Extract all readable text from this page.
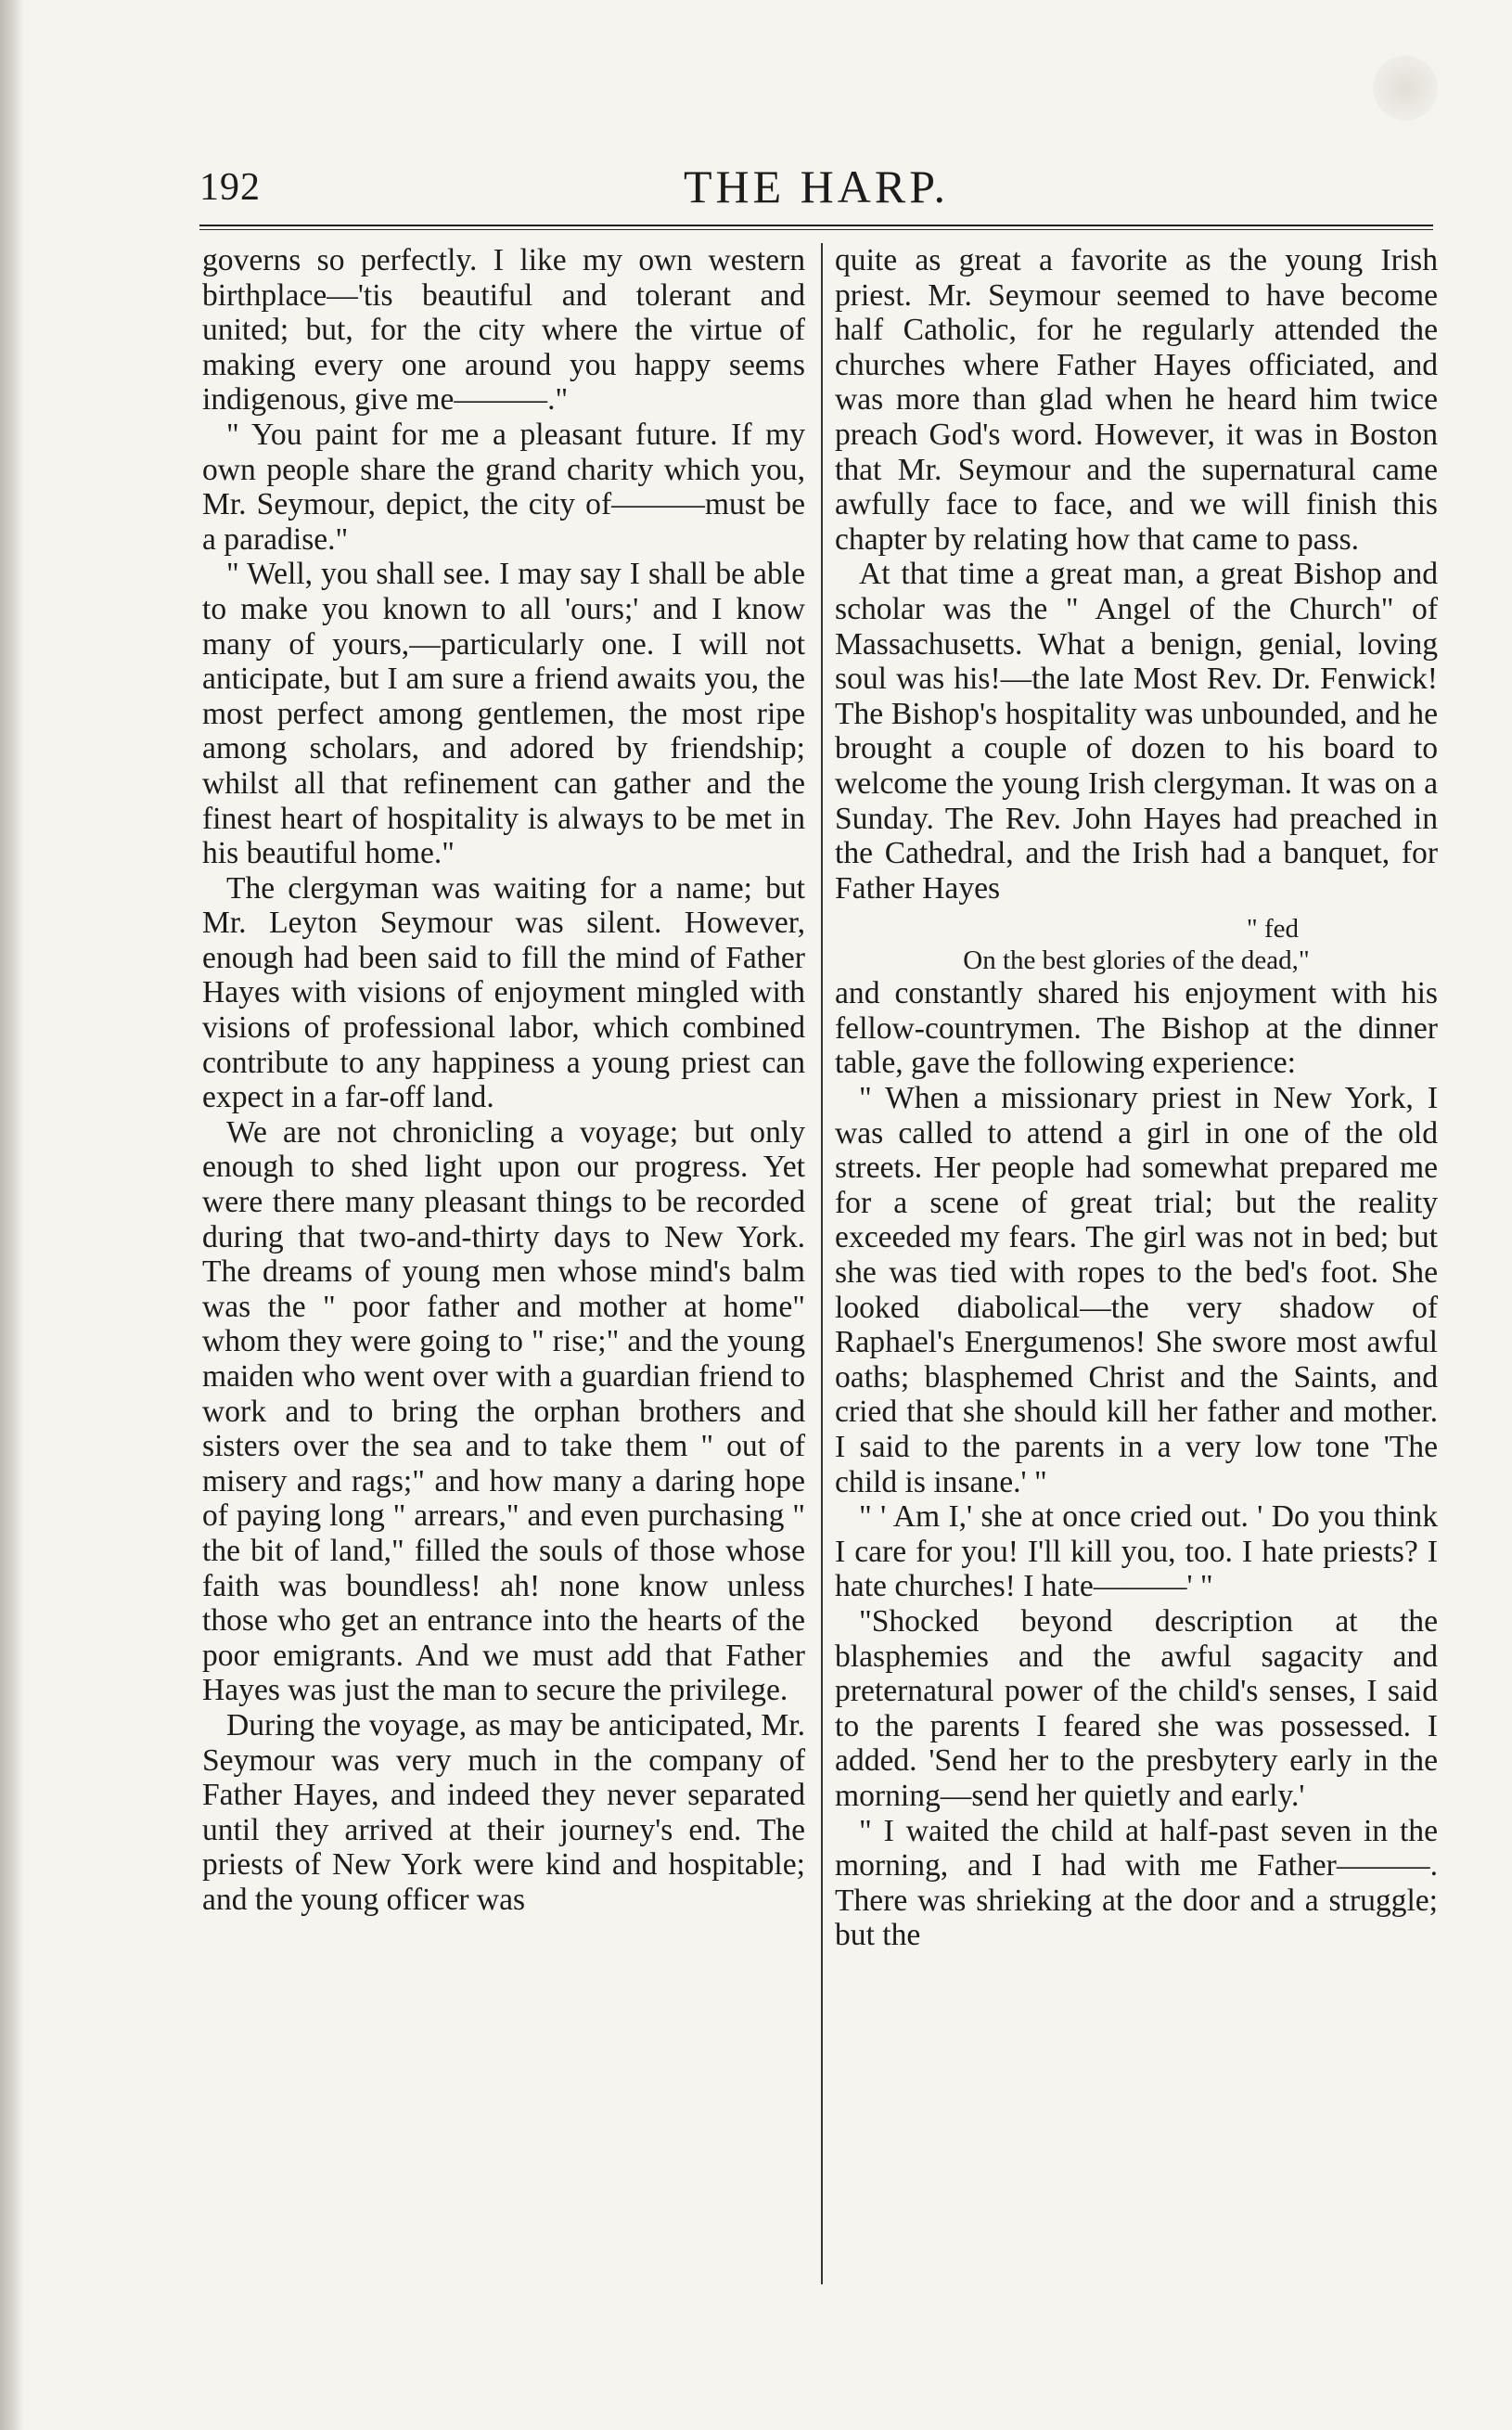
192	THE HARP.

governs so perfectly. I like my own western birthplace—'tis beautiful and tolerant and united; but, for the city where the virtue of making every one around you happy seems indigenous, give me———."

" You paint for me a pleasant future. If my own people share the grand charity which you, Mr. Seymour, depict, the city of———must be a paradise."

" Well, you shall see. I may say I shall be able to make you known to all 'ours;' and I know many of yours,—particularly one. I will not anticipate, but I am sure a friend awaits you, the most perfect among gentlemen, the most ripe among scholars, and adored by friendship; whilst all that refinement can gather and the finest heart of hospitality is always to be met in his beautiful home."

The clergyman was waiting for a name; but Mr. Leyton Seymour was silent. However, enough had been said to fill the mind of Father Hayes with visions of enjoyment mingled with visions of professional labor, which combined contribute to any happiness a young priest can expect in a far-off land.

We are not chronicling a voyage; but only enough to shed light upon our progress. Yet were there many pleasant things to be recorded during that two-and-thirty days to New York. The dreams of young men whose mind's balm was the " poor father and mother at home" whom they were going to " rise;" and the young maiden who went over with a guardian friend to work and to bring the orphan brothers and sisters over the sea and to take them " out of misery and rags;" and how many a daring hope of paying long " arrears," and even purchasing " the bit of land," filled the souls of those whose faith was boundless! ah! none know unless those who get an entrance into the hearts of the poor emigrants. And we must add that Father Hayes was just the man to secure the privilege.

During the voyage, as may be anticipated, Mr. Seymour was very much in the company of Father Hayes, and indeed they never separated until they arrived at their journey's end. The priests of New York were kind and hospitable; and the young officer was

quite as great a favorite as the young Irish priest. Mr. Seymour seemed to have become half Catholic, for he regularly attended the churches where Father Hayes officiated, and was more than glad when he heard him twice preach God's word. However, it was in Boston that Mr. Seymour and the supernatural came awfully face to face, and we will finish this chapter by relating how that came to pass.

At that time a great man, a great Bishop and scholar was the " Angel of the Church" of Massachusetts. What a benign, genial, loving soul was his!—the late Most Rev. Dr. Fenwick! The Bishop's hospitality was unbounded, and he brought a couple of dozen to his board to welcome the young Irish clergyman. It was on a Sunday. The Rev. John Hayes had preached in the Cathedral, and the Irish had a banquet, for Father Hayes

" fed
On the best glories of the dead,"

and constantly shared his enjoyment with his fellow-countrymen. The Bishop at the dinner table, gave the following experience:

" When a missionary priest in New York, I was called to attend a girl in one of the old streets. Her people had somewhat prepared me for a scene of great trial; but the reality exceeded my fears. The girl was not in bed; but she was tied with ropes to the bed's foot. She looked diabolical—the very shadow of Raphael's Energumenos! She swore most awful oaths; blasphemed Christ and the Saints, and cried that she should kill her father and mother. I said to the parents in a very low tone 'The child is insane.' "

" ' Am I,' she at once cried out. ' Do you think I care for you! I'll kill you, too. I hate priests? I hate churches! I hate———' "

"Shocked beyond description at the blasphemies and the awful sagacity and preternatural power of the child's senses, I said to the parents I feared she was possessed. I added. 'Send her to the presbytery early in the morning—send her quietly and early.'

" I waited the child at half-past seven in the morning, and I had with me Father———. There was shrieking at the door and a struggle; but the
